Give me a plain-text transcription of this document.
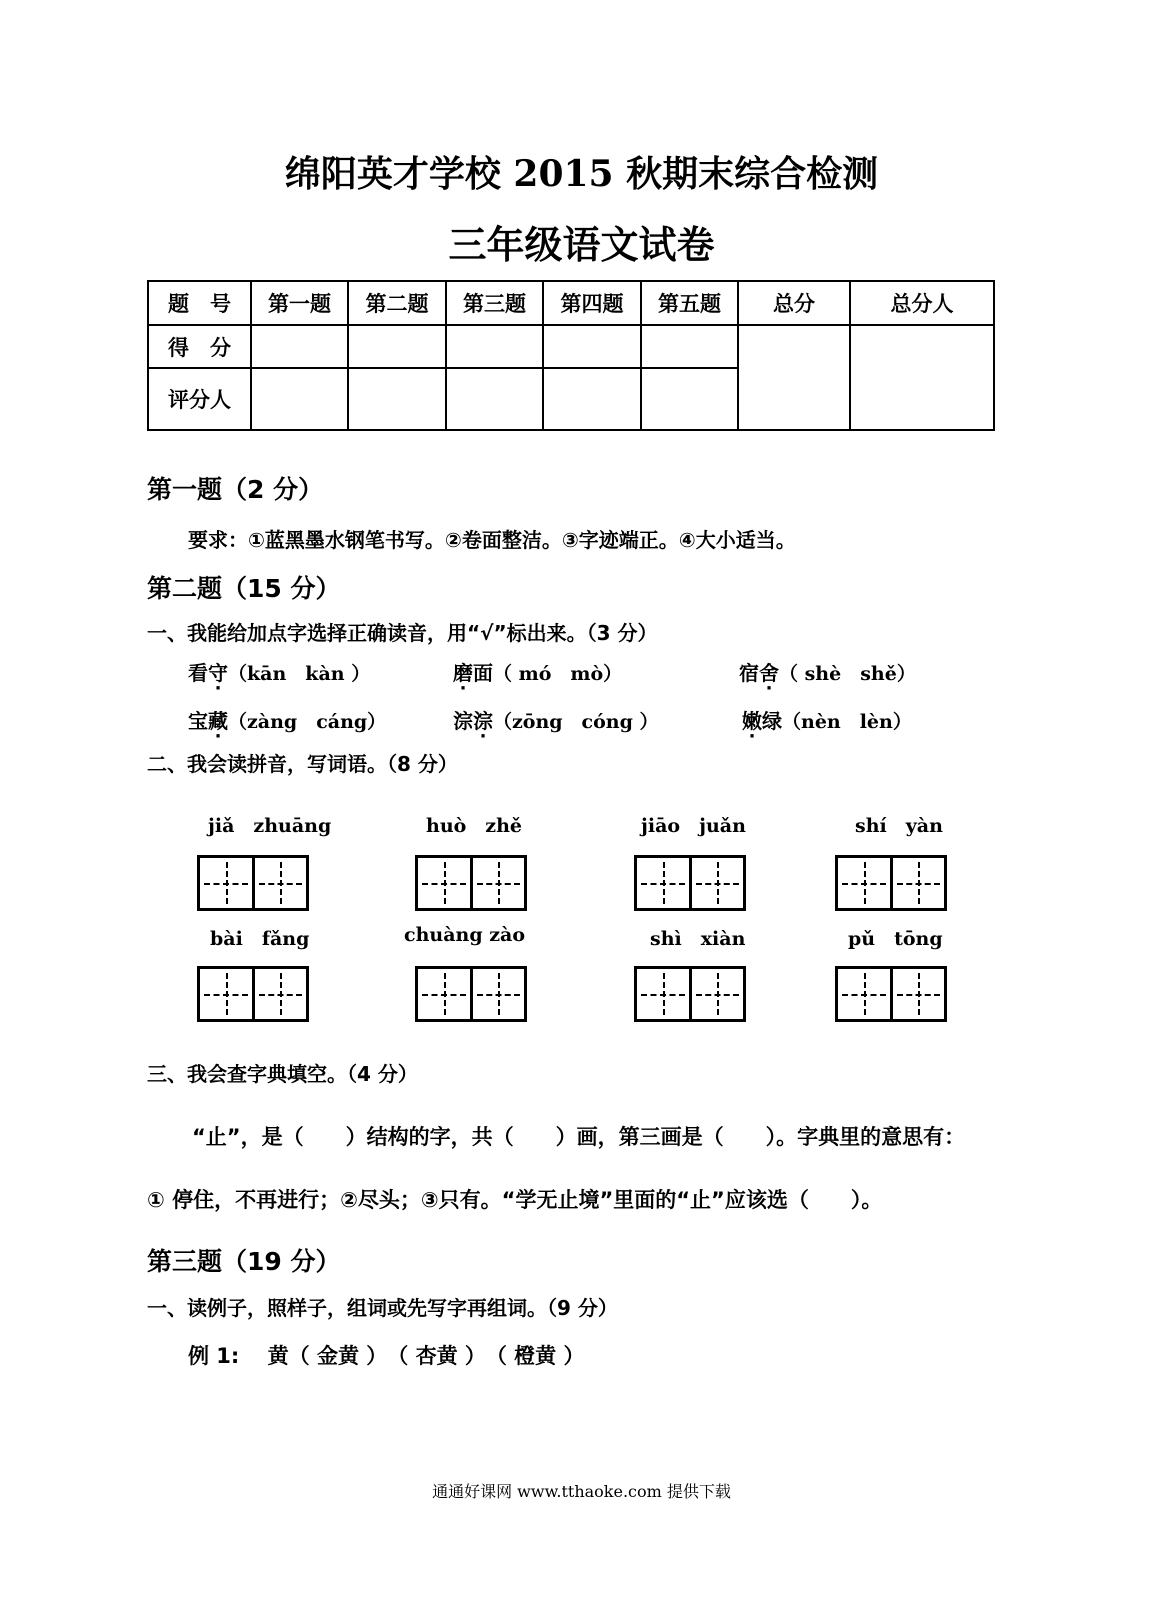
绵阳英才学校 2015 秋期末综合检测
三年级语文试卷
题　号	第一题	第二题	第三题	第四题	第五题	总分	总分人
得　分							
评分人							
第一题（2 分）
要求：①蓝黑墨水钢笔书写。②卷面整洁。③字迹端正。④大小适当。
第二题（15 分）
一、我能给加点字选择正确读音，用“√”标出来。（3 分）
看守（kān　kàn ）	磨面（ mó　mò）	宿舍（ shè　shě）
宝藏（zàng　cáng）	淙淙（zōng　cóng ）	嫩绿（nèn　lèn）
二、我会读拼音，写词语。（8 分）
jiǎ　zhuāng	huò　zhě	jiāo　juǎn	shí　yàn
bài　fǎng	chuàng zào	shì　xiàn	pǔ　tōng
三、我会查字典填空。（4 分）
“止”，是（　　）结构的字，共（　　）画，第三画是（　　）。字典里的意思有：
① 停住，不再进行；②尽头；③只有。“学无止境”里面的“止”应该选（　　）。
第三题（19 分）
一、读例子，照样子，组词或先写字再组词。（9 分）
例 1:　 黄（ 金黄 ）　（ 杏黄 ）　（ 橙黄 ）
通通好课网 www.tthaoke.com 提供下载
